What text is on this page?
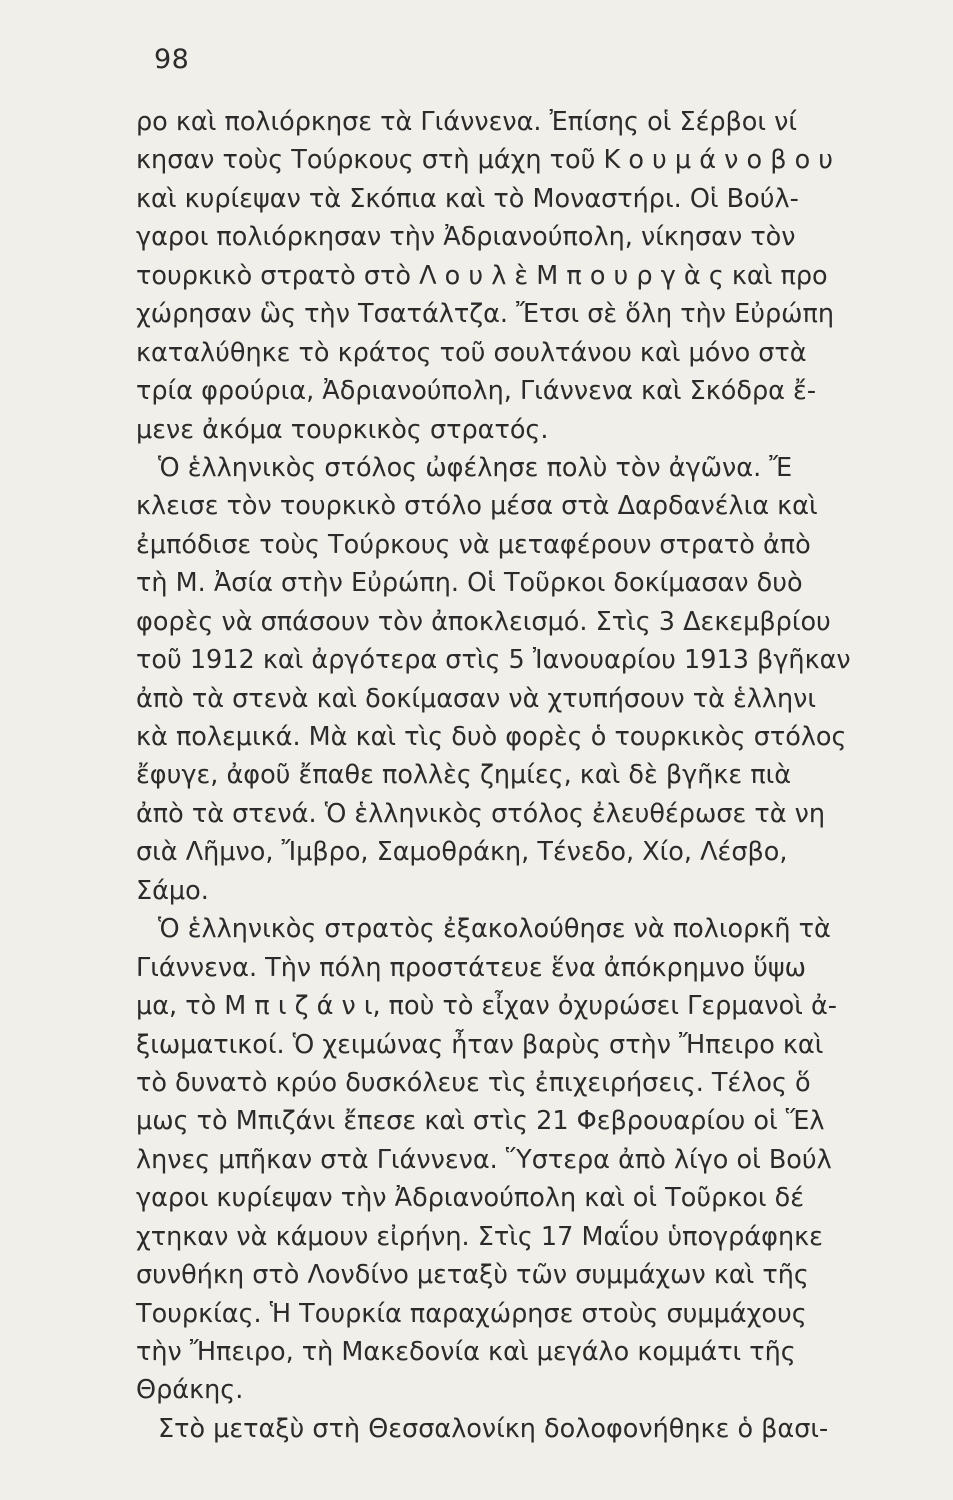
98
ρο καὶ πολιόρκησε τὰ Γιάννενα. Ἐπίσης οἱ Σέρβοι νί
κησαν τοὺς Τούρκους στὴ μάχη τοῦ Κ ο υ μ ά ν ο β ο υ
καὶ κυρίεψαν τὰ Σκόπια καὶ τὸ Μοναστήρι. Οἱ Βούλ-
γαροι πολιόρκησαν τὴν Ἀδριανούπολη, νίκησαν τὸν
τουρκικὸ στρατὸ στὸ Λ ο υ λ ὲ Μ π ο υ ρ γ ὰ ς καὶ προ
χώρησαν ὣς τὴν Τσατάλτζα. Ἔτσι σὲ ὅλη τὴν Εὐρώπη
καταλύθηκε τὸ κράτος τοῦ σουλτάνου καὶ μόνο στὰ
τρία φρούρια, Ἀδριανούπολη, Γιάννενα καὶ Σκόδρα ἔ-
μενε ἀκόμα τουρκικὸς στρατός.
Ὁ ἑλληνικὸς στόλος ὠφέλησε πολὺ τὸν ἀγῶνα. Ἔ
κλεισε τὸν τουρκικὸ στόλο μέσα στὰ Δαρδανέλια καὶ
ἐμπόδισε τοὺς Τούρκους νὰ μεταφέρουν στρατὸ ἀπὸ
τὴ Μ. Ἀσία στὴν Εὐρώπη. Οἱ Τοῦρκοι δοκίμασαν δυὸ
φορὲς νὰ σπάσουν τὸν ἀποκλεισμό. Στὶς 3 Δεκεμβρίου
τοῦ 1912 καὶ ἀργότερα στὶς 5 Ἰανουαρίου 1913 βγῆκαν
ἀπὸ τὰ στενὰ καὶ δοκίμασαν νὰ χτυπήσουν τὰ ἑλληνι
κὰ πολεμικά. Μὰ καὶ τὶς δυὸ φορὲς ὁ τουρκικὸς στόλος
ἔφυγε, ἀφοῦ ἔπαθε πολλὲς ζημίες, καὶ δὲ βγῆκε πιὰ
ἀπὸ τὰ στενά. Ὁ ἑλληνικὸς στόλος ἐλευθέρωσε τὰ νη
σιὰ Λῆμνο, Ἴμβρο, Σαμοθράκη, Τένεδο, Χίο, Λέσβο,
Σάμο.
Ὁ ἑλληνικὸς στρατὸς ἐξακολούθησε νὰ πολιορκῆ τὰ
Γιάννενα. Τὴν πόλη προστάτευε ἕνα ἀπόκρημνο ὕψω
μα, τὸ Μ π ι ζ ά ν ι, ποὺ τὸ εἶχαν ὀχυρώσει Γερμανοὶ ἀ-
ξιωματικοί. Ὁ χειμώνας ἦταν βαρὺς στὴν Ἤπειρο καὶ
τὸ δυνατὸ κρύο δυσκόλευε τὶς ἐπιχειρήσεις. Τέλος ὅ
μως τὸ Μπιζάνι ἔπεσε καὶ στὶς 21 Φεβρουαρίου οἱ Ἕλ
ληνες μπῆκαν στὰ Γιάννενα. Ὕστερα ἀπὸ λίγο οἱ Βούλ
γαροι κυρίεψαν τὴν Ἀδριανούπολη καὶ οἱ Τοῦρκοι δέ
χτηκαν νὰ κάμουν εἰρήνη. Στὶς 17 Μαΐου ὑπογράφηκε
συνθήκη στὸ Λονδίνο μεταξὺ τῶν συμμάχων καὶ τῆς
Τουρκίας. Ἡ Τουρκία παραχώρησε στοὺς συμμάχους
τὴν Ἤπειρο, τὴ Μακεδονία καὶ μεγάλο κομμάτι τῆς
Θράκης.
Στὸ μεταξὺ στὴ Θεσσαλονίκη δολοφονήθηκε ὁ βασι-
